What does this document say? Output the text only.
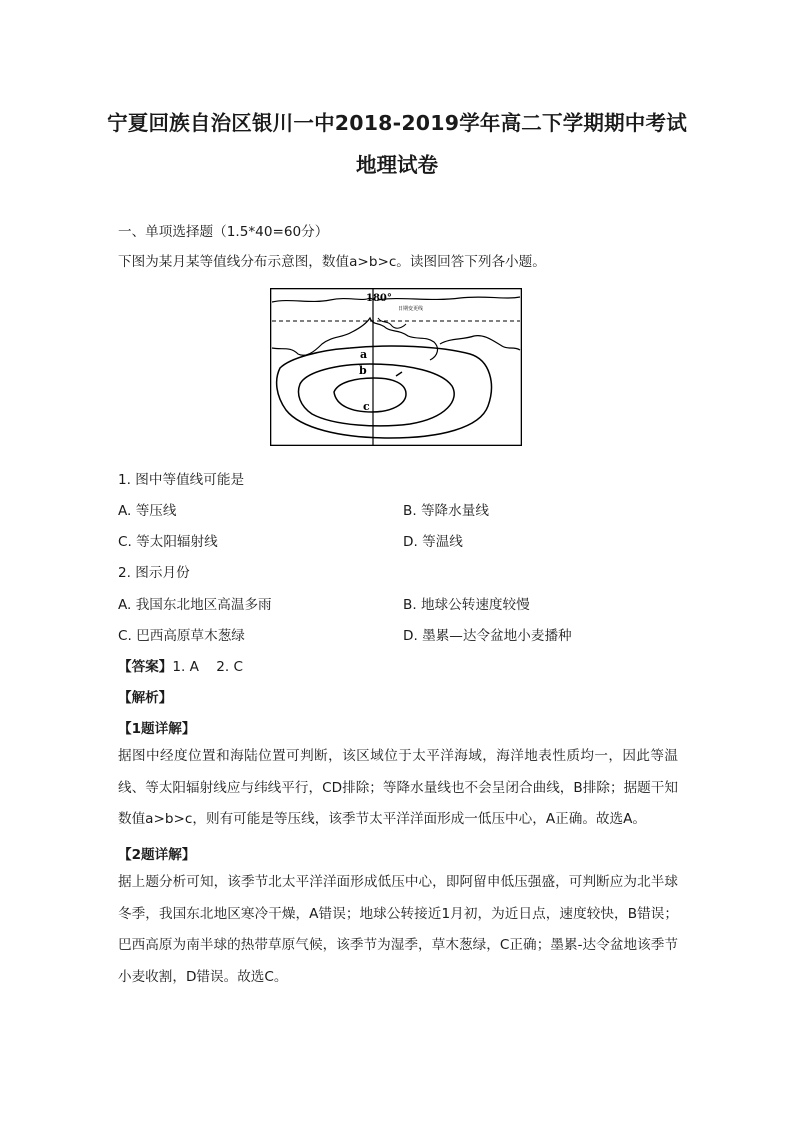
宁夏回族自治区银川一中2018-2019学年高二下学期期中考试
地理试卷
一、单项选择题（1.5*40=60分）
下图为某月某等值线分布示意图，数值a>b>c。读图回答下列各小题。
180°
日期变更线
a
b
c
1. 图中等值线可能是
A. 等压线	B. 等降水量线
C. 等太阳辐射线	D. 等温线
2. 图示月份
A. 我国东北地区高温多雨	B. 地球公转速度较慢
C. 巴西高原草木葱绿	D. 墨累—达令盆地小麦播种
【答案】1. A    2. C
【解析】
【1题详解】
据图中经度位置和海陆位置可判断，该区域位于太平洋海域，海洋地表性质均一，因此等温线、等太阳辐射线应与纬线平行，CD排除；等降水量线也不会呈闭合曲线，B排除；据题干知数值a>b>c，则有可能是等压线，该季节太平洋洋面形成一低压中心，A正确。故选A。
【2题详解】
据上题分析可知，该季节北太平洋洋面形成低压中心，即阿留申低压强盛，可判断应为北半球冬季，我国东北地区寒冷干燥，A错误；地球公转接近1月初，为近日点，速度较快，B错误；巴西高原为南半球的热带草原气候，该季节为湿季，草木葱绿，C正确；墨累-达令盆地该季节小麦收割，D错误。故选C。
